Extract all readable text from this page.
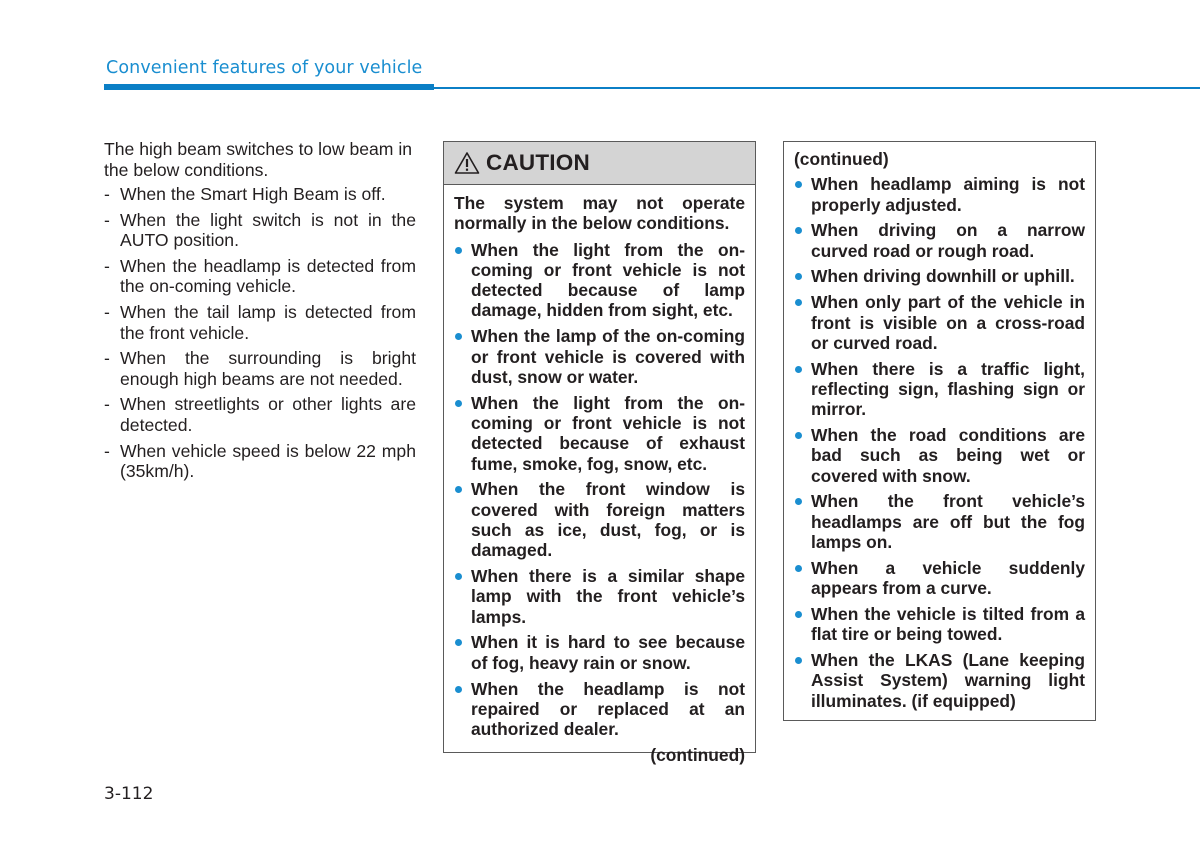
Convenient features of your vehicle

The high beam switches to low beam in the below conditions.

- When the Smart High Beam is off.
- When the light switch is not in the AUTO position.
- When the headlamp is detected from the on-coming vehicle.
- When the tail lamp is detected from the front vehicle.
- When the surrounding is bright enough high beams are not needed.
- When streetlights or other lights are detected.
- When vehicle speed is below 22 mph (35km/h).
CAUTION

The system may not operate normally in the below conditions.

When the light from the on-coming or front vehicle is not detected because of lamp damage, hidden from sight, etc.
When the lamp of the on-coming or front vehicle is covered with dust, snow or water.
When the light from the on-coming or front vehicle is not detected because of exhaust fume, smoke, fog, snow, etc.
When the front window is covered with foreign matters such as ice, dust, fog, or is damaged.
When there is a similar shape lamp with the front vehicle’s lamps.
When it is hard to see because of fog, heavy rain or snow.
When the headlamp is not repaired or replaced at an authorized dealer.
(continued)

(continued)

When headlamp aiming is not properly adjusted.
When driving on a narrow curved road or rough road.
When driving downhill or uphill.
When only part of the vehicle in front is visible on a cross-road or curved road.
When there is a traffic light, reflecting sign, flashing sign or mirror.
When the road conditions are bad such as being wet or covered with snow.
When the front vehicle’s headlamps are off but the fog lamps on.
When a vehicle suddenly appears from a curve.
When the vehicle is tilted from a flat tire or being towed.
When the LKAS (Lane keeping Assist System) warning light illuminates. (if equipped)
3-112
